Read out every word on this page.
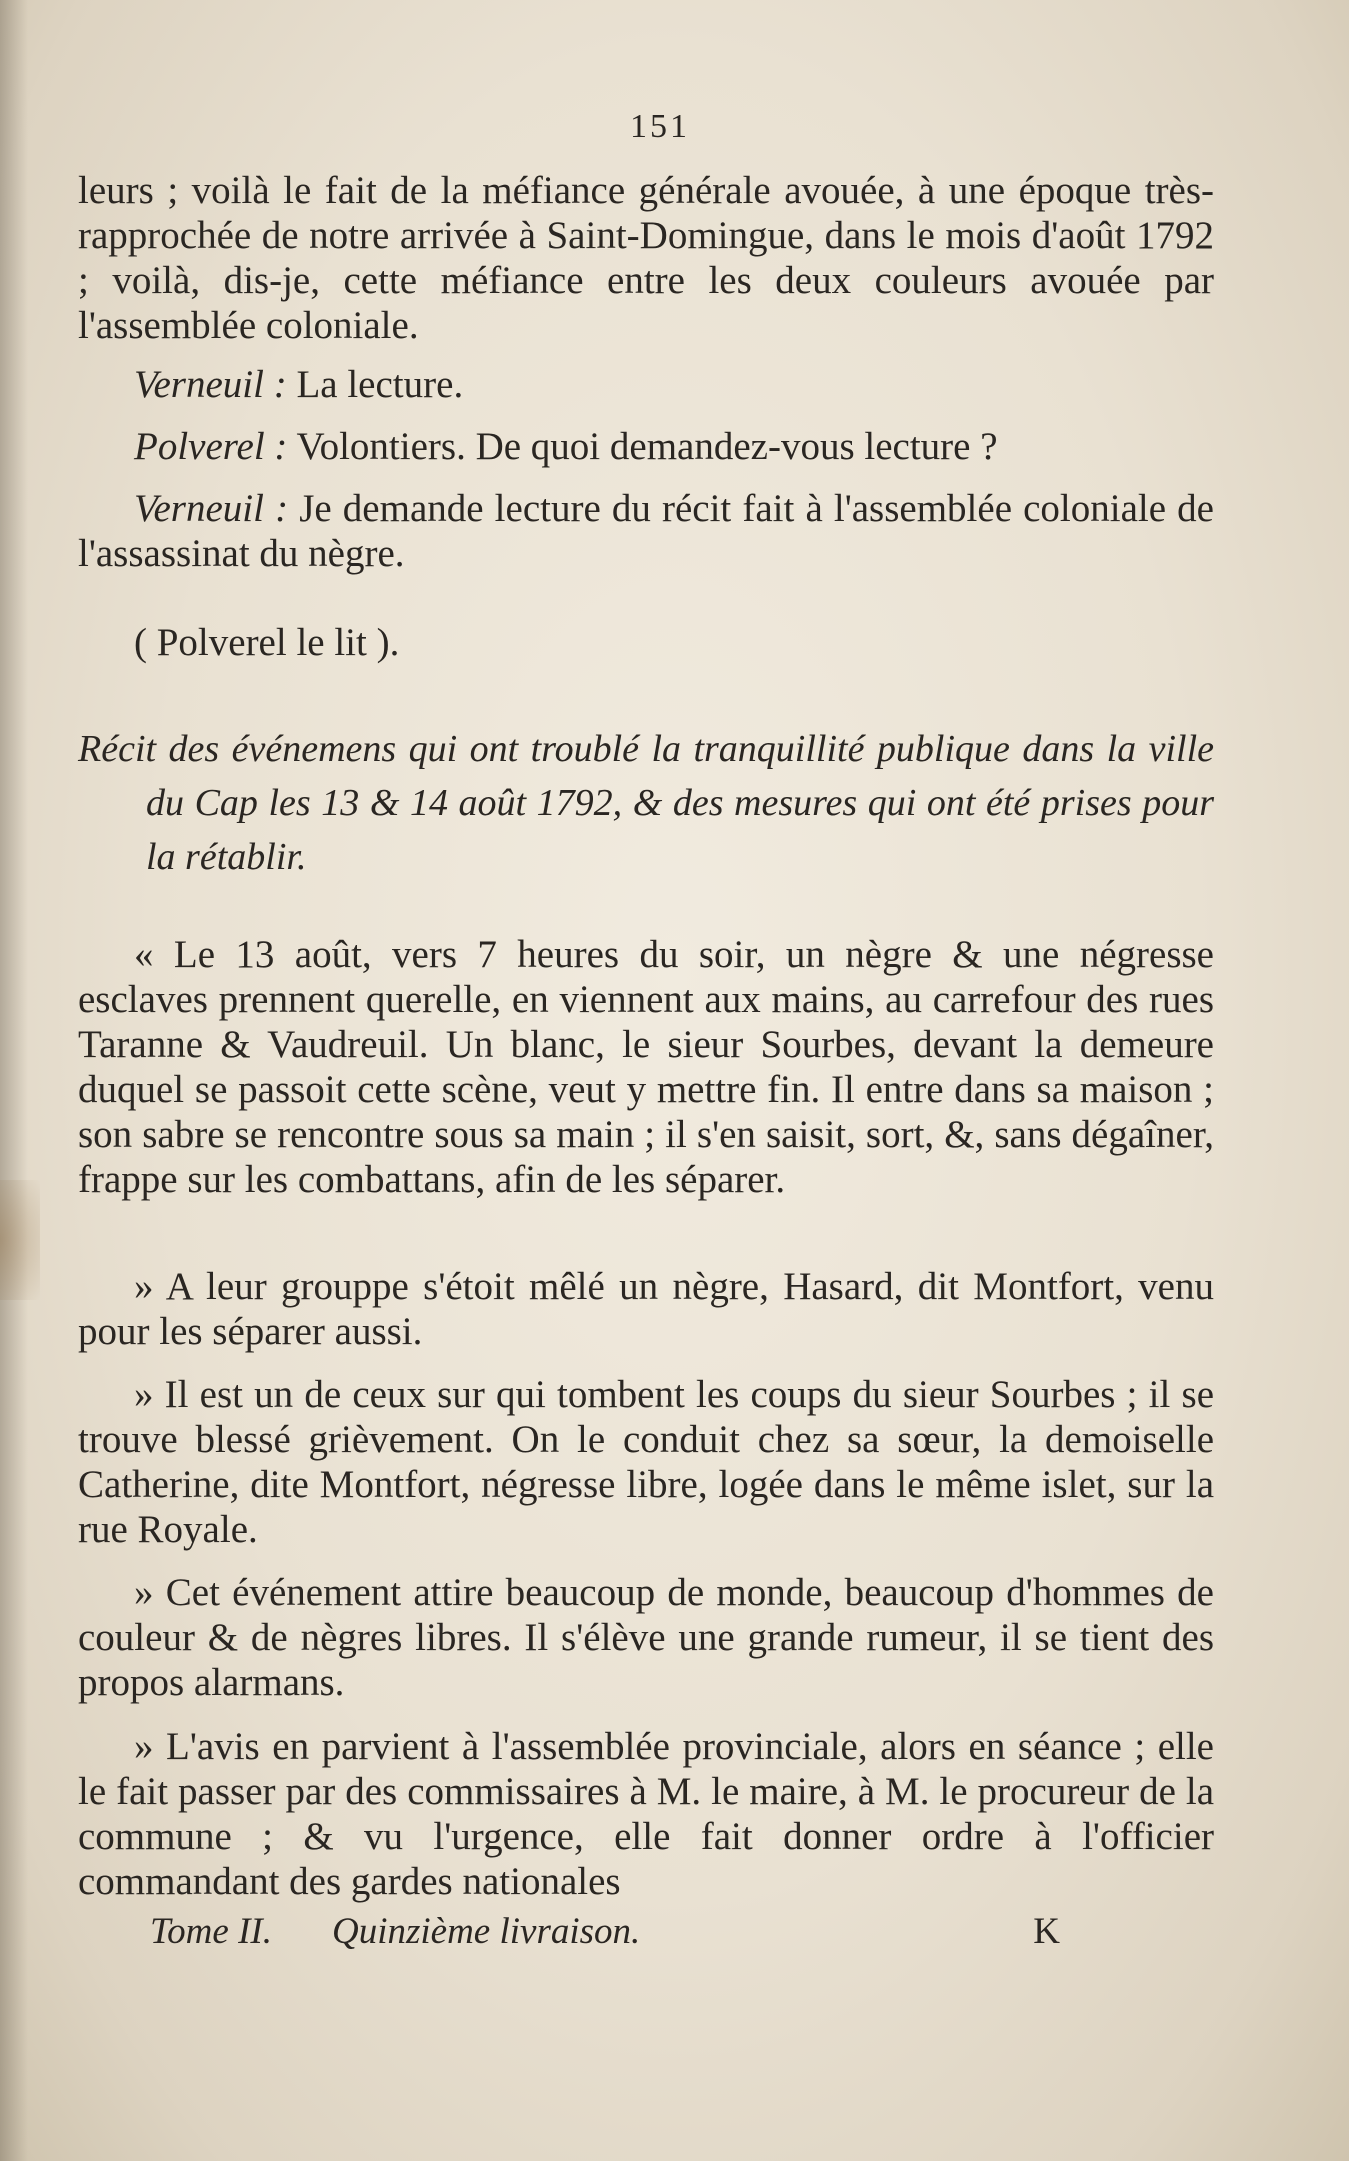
151

leurs ; voilà le fait de la méfiance générale avouée, à une époque très-rapprochée de notre arrivée à Saint-Domingue, dans le mois d'août 1792 ; voilà, dis-je, cette méfiance entre les deux couleurs avouée par l'assemblée coloniale.

Verneuil : La lecture.

Polverel : Volontiers. De quoi demandez-vous lecture ?

Verneuil : Je demande lecture du récit fait à l'assemblée coloniale de l'assassinat du nègre.

( Polverel le lit ).

Récit des événemens qui ont troublé la tranquillité publique dans la ville du Cap les 13 & 14 août 1792, & des mesures qui ont été prises pour la rétablir.

« Le 13 août, vers 7 heures du soir, un nègre & une négresse esclaves prennent querelle, en viennent aux mains, au carrefour des rues Taranne & Vaudreuil. Un blanc, le sieur Sourbes, devant la demeure duquel se passoit cette scène, veut y mettre fin. Il entre dans sa maison ; son sabre se rencontre sous sa main ; il s'en saisit, sort, &, sans dégaîner, frappe sur les combattans, afin de les séparer.

» A leur grouppe s'étoit mêlé un nègre, Hasard, dit Montfort, venu pour les séparer aussi.

» Il est un de ceux sur qui tombent les coups du sieur Sourbes ; il se trouve blessé grièvement. On le conduit chez sa sœur, la demoiselle Catherine, dite Montfort, négresse libre, logée dans le même islet, sur la rue Royale.

» Cet événement attire beaucoup de monde, beaucoup d'hommes de couleur & de nègres libres. Il s'élève une grande rumeur, il se tient des propos alarmans.

» L'avis en parvient à l'assemblée provinciale, alors en séance ; elle le fait passer par des commissaires à M. le maire, à M. le procureur de la commune ; & vu l'urgence, elle fait donner ordre à l'officier commandant des gardes nationales

Tome II. Quinzième livraison.	K
